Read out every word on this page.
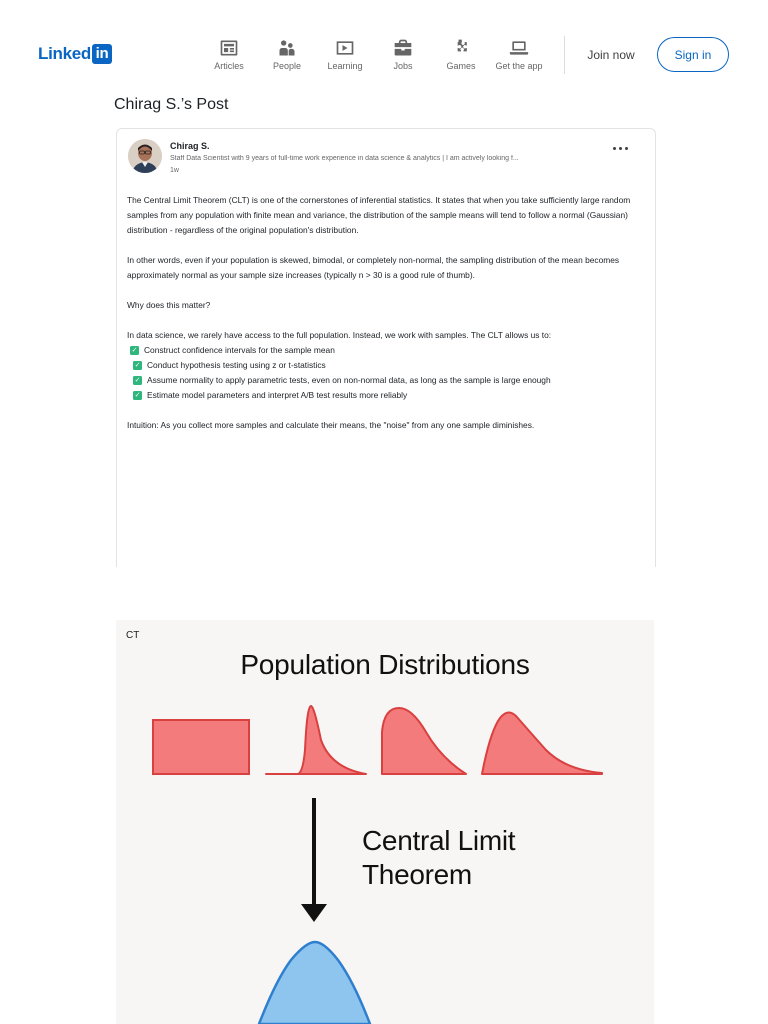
Linked in
Articles	People	Learning	Jobs	Games Get the app
Join now	Sign in
Chirag S.’s Post
Chirag S.
Staff Data Scientist with 9 years of full-time work experience in data science & analytics | I am actively looking f...
1w

The Central Limit Theorem (CLT) is one of the cornerstones of inferential statistics. It states that when you take sufficiently large random samples from any population with finite mean and variance, the distribution of the sample means will tend to follow a normal (Gaussian) distribution - regardless of the original population's distribution.

In other words, even if your population is skewed, bimodal, or completely non-normal, the sampling distribution of the mean becomes approximately normal as your sample size increases (typically n > 30 is a good rule of thumb).

Why does this matter?

In data science, we rarely have access to the full population. Instead, we work with samples. The CLT allows us to:
✓ Construct confidence intervals for the sample mean
✓ Conduct hypothesis testing using z or t-statistics
✓ Assume normality to apply parametric tests, even on non-normal data, as long as the sample is large enough
✓ Estimate model parameters and interpret A/B test results more reliably

Intuition: As you collect more samples and calculate their means, the "noise" from any one sample diminishes.

CT
Population Distributions
Central Limit
Theorem
